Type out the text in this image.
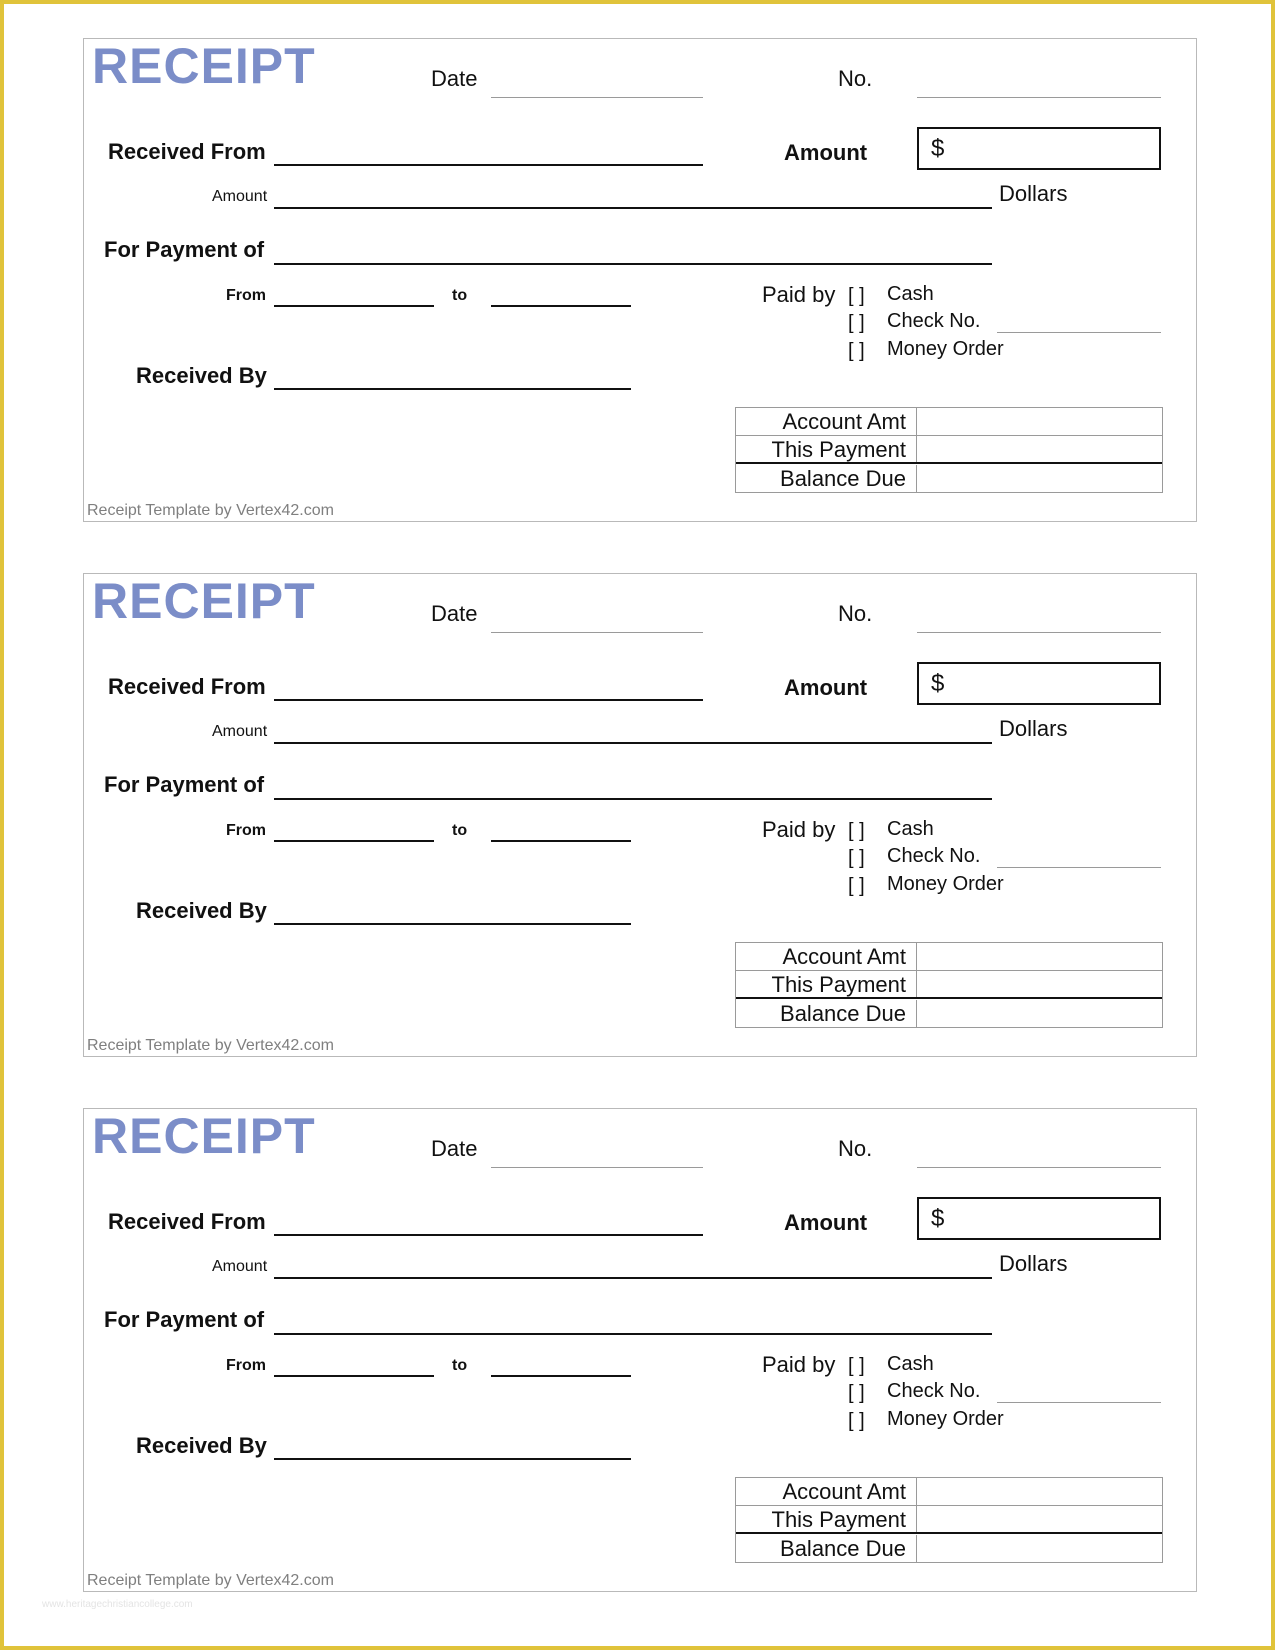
RECEIPT	Date	No.
Received From	Amount	$
Amount	Dollars
For Payment of
From	to	Paid by [ ] Cash
[ ] Check No.
[ ] Money Order
Received By
Account Amt
This Payment
Balance Due
Receipt Template by Vertex42.com
RECEIPT	Date	No.
Received From	Amount	$
Amount	Dollars
For Payment of
From	to	Paid by [ ] Cash
[ ] Check No.
[ ] Money Order
Received By
Account Amt
This Payment
Balance Due
Receipt Template by Vertex42.com
RECEIPT	Date	No.
Received From	Amount	$
Amount	Dollars
For Payment of
From	to	Paid by [ ] Cash
[ ] Check No.
[ ] Money Order
Received By
Account Amt
This Payment
Balance Due
Receipt Template by Vertex42.com
www.heritagechristiancollege.com
